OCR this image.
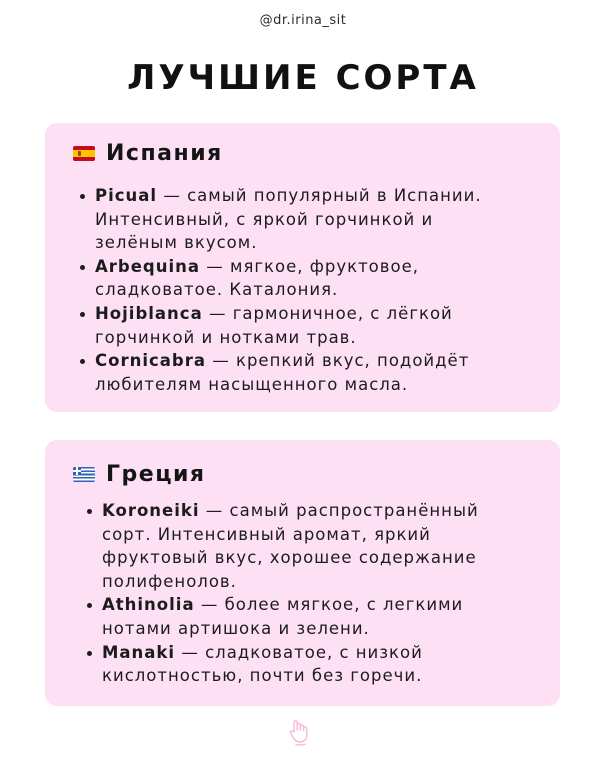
@dr.irina_sit
ЛУЧШИЕ СОРТА
Испания
Picual — самый популярный в Испании.
Интенсивный, с яркой горчинкой и
зелёным вкусом.
Arbequina — мягкое, фруктовое,
сладковатое. Каталония.
Hojiblanca — гармоничное, с лёгкой
горчинкой и нотками трав.
Cornicabra — крепкий вкус, подойдёт
любителям насыщенного масла.
Греция
Koroneiki — самый распространённый
сорт. Интенсивный аромат, яркий
фруктовый вкус, хорошее содержание
полифенолов.
Athinolia — более мягкое, с легкими
нотами артишока и зелени.
Manaki — сладковатое, с низкой
кислотностью, почти без горечи.
